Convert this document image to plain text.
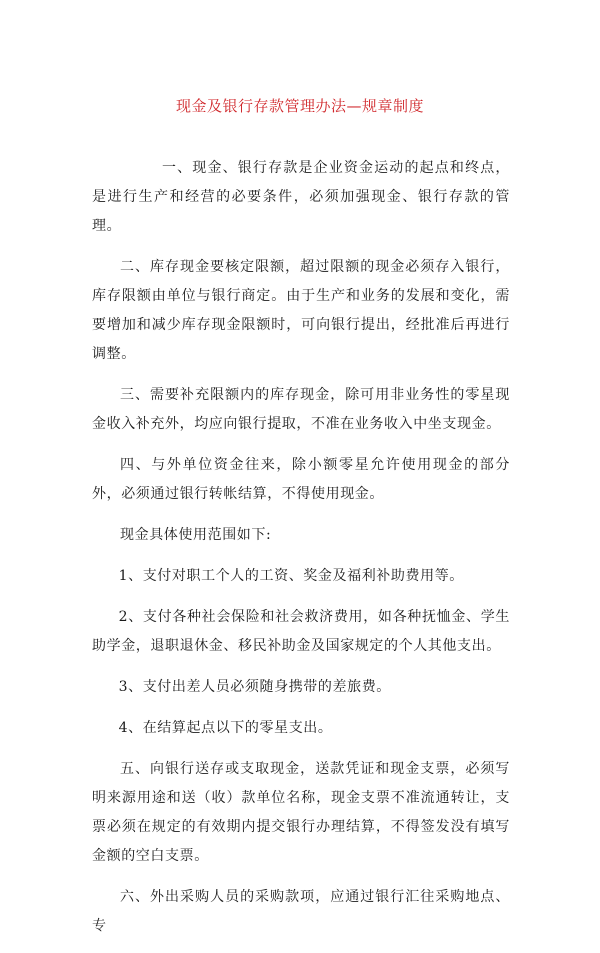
现金及银行存款管理办法—规章制度

一、现金、银行存款是企业资金运动的起点和终点，是进行生产和经营的必要条件，必须加强现金、银行存款的管理。

二、库存现金要核定限额，超过限额的现金必须存入银行，库存限额由单位与银行商定。由于生产和业务的发展和变化，需要增加和减少库存现金限额时，可向银行提出，经批准后再进行调整。

三、需要补充限额内的库存现金，除可用非业务性的零星现金收入补充外，均应向银行提取，不准在业务收入中坐支现金。

四、与外单位资金往来，除小额零星允许使用现金的部分外，必须通过银行转帐结算，不得使用现金。

现金具体使用范围如下:

1、支付对职工个人的工资、奖金及福利补助费用等。

2、支付各种社会保险和社会救济费用，如各种抚恤金、学生助学金，退职退休金、移民补助金及国家规定的个人其他支出。

3、支付出差人员必须随身携带的差旅费。

4、在结算起点以下的零星支出。

五、向银行送存或支取现金，送款凭证和现金支票，必须写明来源用途和送（收）款单位名称，现金支票不准流通转让，支票必须在规定的有效期内提交银行办理结算，不得签发没有填写金额的空白支票。

六、外出采购人员的采购款项，应通过银行汇往采购地点、专
